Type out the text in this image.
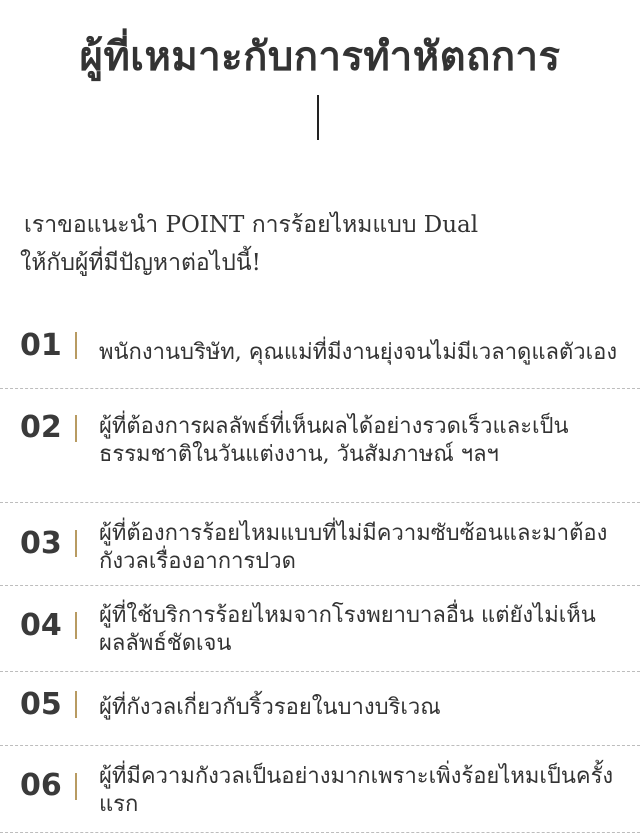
ผู้ที่เหมาะกับการทำหัตถการ
เราขอแนะนำ POINT การร้อยไหมแบบ Dual
ให้กับผู้ที่มีปัญหาต่อไปนี้!
01 พนักงานบริษัท, คุณแม่ที่มีงานยุ่งจนไม่มีเวลาดูแลตัวเอง
02 ผู้ที่ต้องการผลลัพธ์ที่เห็นผลได้อย่างรวดเร็วและเป็นธรรมชาติในวันแต่งงาน, วันสัมภาษณ์ ฯลฯ
03 ผู้ที่ต้องการร้อยไหมแบบที่ไม่มีความซับซ้อนและมาต้องกังวลเรื่องอาการปวด
04 ผู้ที่ใช้บริการร้อยไหมจากโรงพยาบาลอื่น แต่ยังไม่เห็นผลลัพธ์ชัดเจน
05 ผู้ที่กังวลเกี่ยวกับริ้วรอยในบางบริเวณ
06 ผู้ที่มีความกังวลเป็นอย่างมากเพราะเพิ่งร้อยไหมเป็นครั้งแรก
